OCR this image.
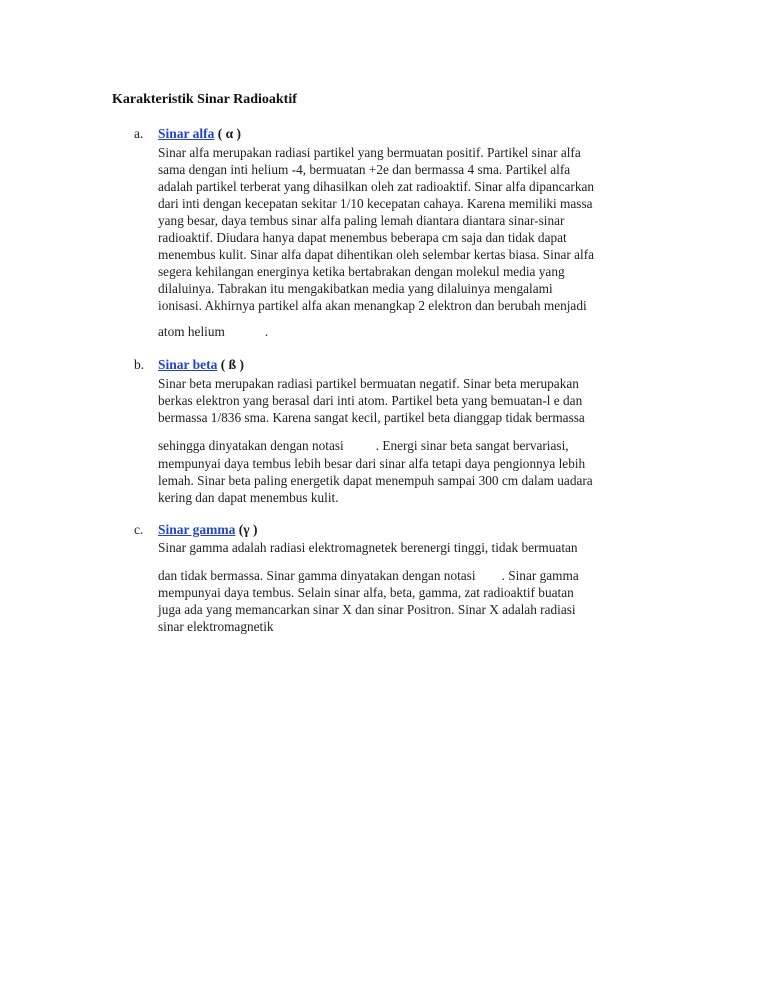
Karakteristik Sinar Radioaktif
a. Sinar alfa ( α )
Sinar alfa merupakan radiasi partikel yang bermuatan positif. Partikel sinar alfa
sama dengan inti helium -4, bermuatan +2e dan bermassa 4 sma. Partikel alfa
adalah partikel terberat yang dihasilkan oleh zat radioaktif. Sinar alfa dipancarkan
dari inti dengan kecepatan sekitar 1/10 kecepatan cahaya. Karena memiliki massa
yang besar, daya tembus sinar alfa paling lemah diantara diantara sinar-sinar
radioaktif. Diudara hanya dapat menembus beberapa cm saja dan tidak dapat
menembus kulit. Sinar alfa dapat dihentikan oleh selembar kertas biasa. Sinar alfa
segera kehilangan energinya ketika bertabrakan dengan molekul media yang
dilaluinya. Tabrakan itu mengakibatkan media yang dilaluinya mengalami
ionisasi. Akhirnya partikel alfa akan menangkap 2 elektron dan berubah menjadi
atom helium	.
b. Sinar beta ( ß )
Sinar beta merupakan radiasi partikel bermuatan negatif. Sinar beta merupakan
berkas elektron yang berasal dari inti atom. Partikel beta yang bemuatan-l e dan
bermassa 1/836 sma. Karena sangat kecil, partikel beta dianggap tidak bermassa
sehingga dinyatakan dengan notasi . Energi sinar beta sangat bervariasi,
mempunyai daya tembus lebih besar dari sinar alfa tetapi daya pengionnya lebih
lemah. Sinar beta paling energetik dapat menempuh sampai 300 cm dalam uadara
kering dan dapat menembus kulit.
c. Sinar gamma (γ )
Sinar gamma adalah radiasi elektromagnetek berenergi tinggi, tidak bermuatan
dan tidak bermassa. Sinar gamma dinyatakan dengan notasi . Sinar gamma
mempunyai daya tembus. Selain sinar alfa, beta, gamma, zat radioaktif buatan
juga ada yang memancarkan sinar X dan sinar Positron. Sinar X adalah radiasi
sinar elektromagnetik
